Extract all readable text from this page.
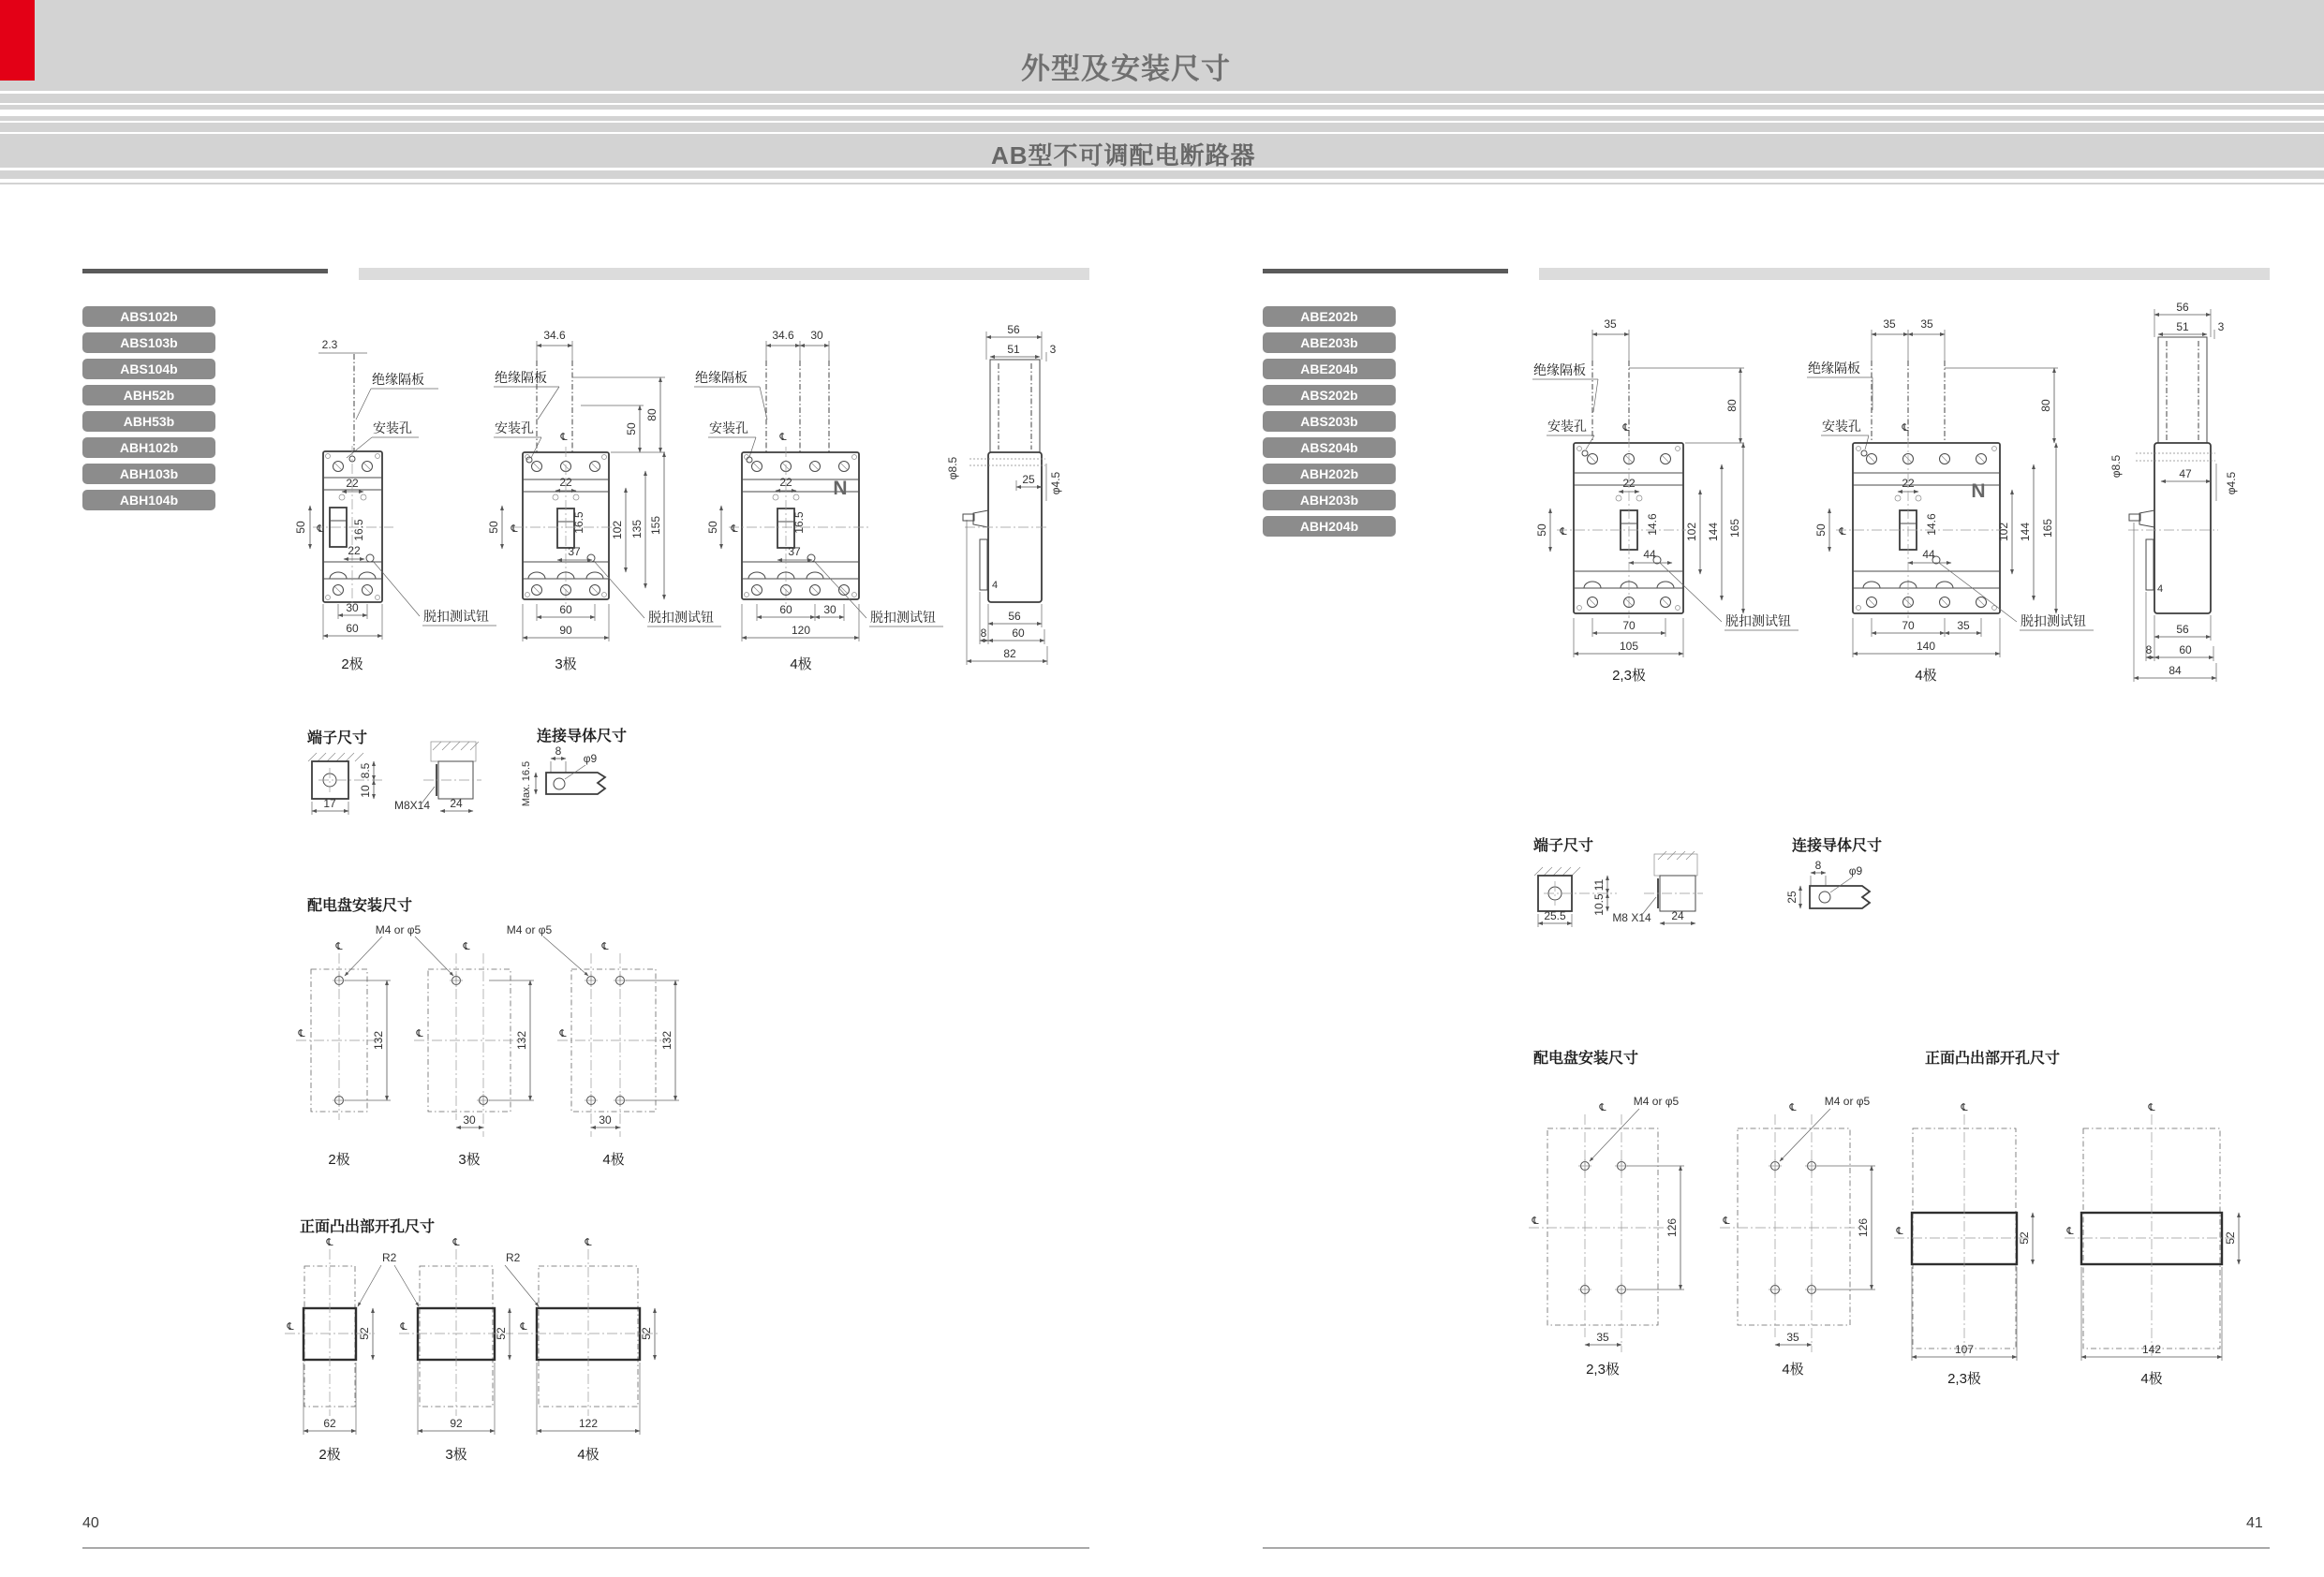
外型及安装尺寸
AB型不可调配电断路器
ABS102b
ABS103b
ABS104b
ABH52b
ABH53b
ABH102b
ABH103b
ABH104b
ABE202b
ABE203b
ABE204b
ABS202b
ABS203b
ABS204b
ABH202b
ABH203b
ABH204b
2.3
绝缘隔板
安装孔
22
16.5
50 ℄
脱扣测试钮
22
30
60
2极
34.6
绝缘隔板
安装孔
℄
80
50
22
16.5 102 135 155
50 ℄
脱扣测试钮
37
60
90
3极
34.6 30
绝缘隔板
安装孔
℄
N
22
16.5
50 ℄
脱扣测试钮
37
60	30
120
4极
56
51	3
φ8.5	25 φ4.5
4
56
8 60
82
端子尺寸
8.5
10
17	M8X14 24
连接导体尺寸
8
φ9
Max. 16.5
配电盘安装尺寸
M4 or φ5
℄
℄	132
℄
℄	132
30
M4 or φ5
℄
℄	132
30
2极	3极	4极
正面凸出部开孔尺寸
℄
℄
52
62
2极
R2
℄
℄
52
92
3极
R2
℄
℄
52
122
4极
35
绝缘隔板
安装孔	℄
80
22
14.6
50 ℄
脱扣测试钮
44
102 144 165
70
105
2,3极
35 35
绝缘隔板
安装孔	℄
80
N
22
14.6
50 ℄
脱扣测试钮
44
102 144 165
70	35
140
4极
56
51	3
φ8.5	47	φ4.5
4
56
8 60
84
端子尺寸
11
10.5
25.5	M8 X14 24
连接导体尺寸
8 φ9
25
配电盘安装尺寸
M4 or φ5
℄
℄	126
35
2,3极
M4 or φ5
℄
℄	126
35
4极
正面凸出部开孔尺寸
℄
℄
52
107
2,3极
℄
℄
52
142
4极
40	41
